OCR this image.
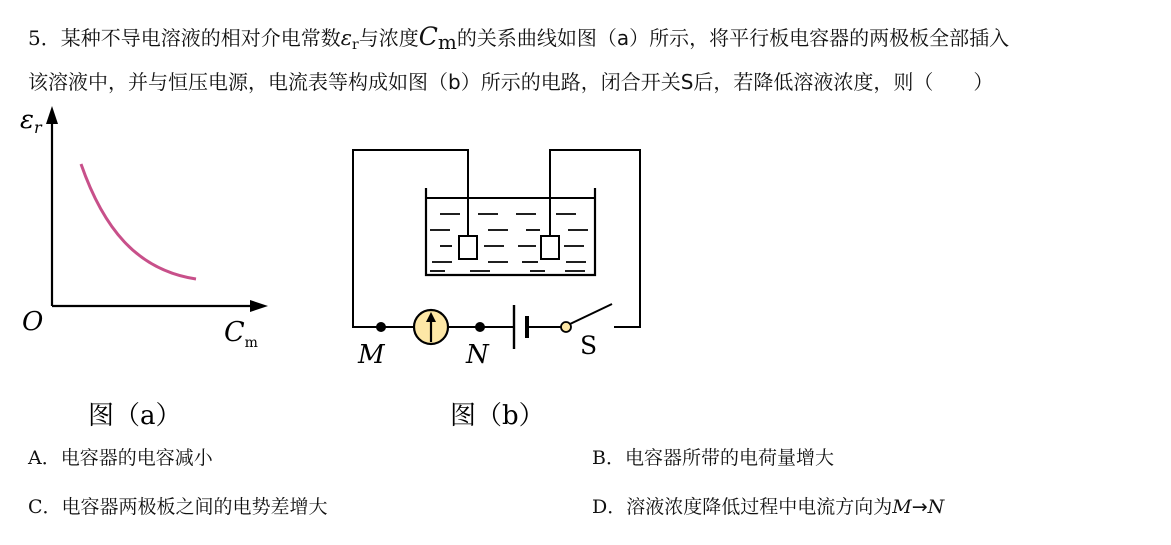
5．某种不导电溶液的相对介电常数$\varepsilon_r$与浓度Cm的关系曲线如图（a）所示，将平行板电容器的两极板全部插入
该溶液中，并与恒压电源，电流表等构成如图（b）所示的电路，闭合开关S后，若降低溶液浓度，则（　　）
εr
O	$C_m$
图（a）
M	N	S
图（b）
A．电容器的电容减小	B．电容器所带的电荷量增大
C．电容器两极板之间的电势差增大	D．溶液浓度降低过程中电流方向为M→N
